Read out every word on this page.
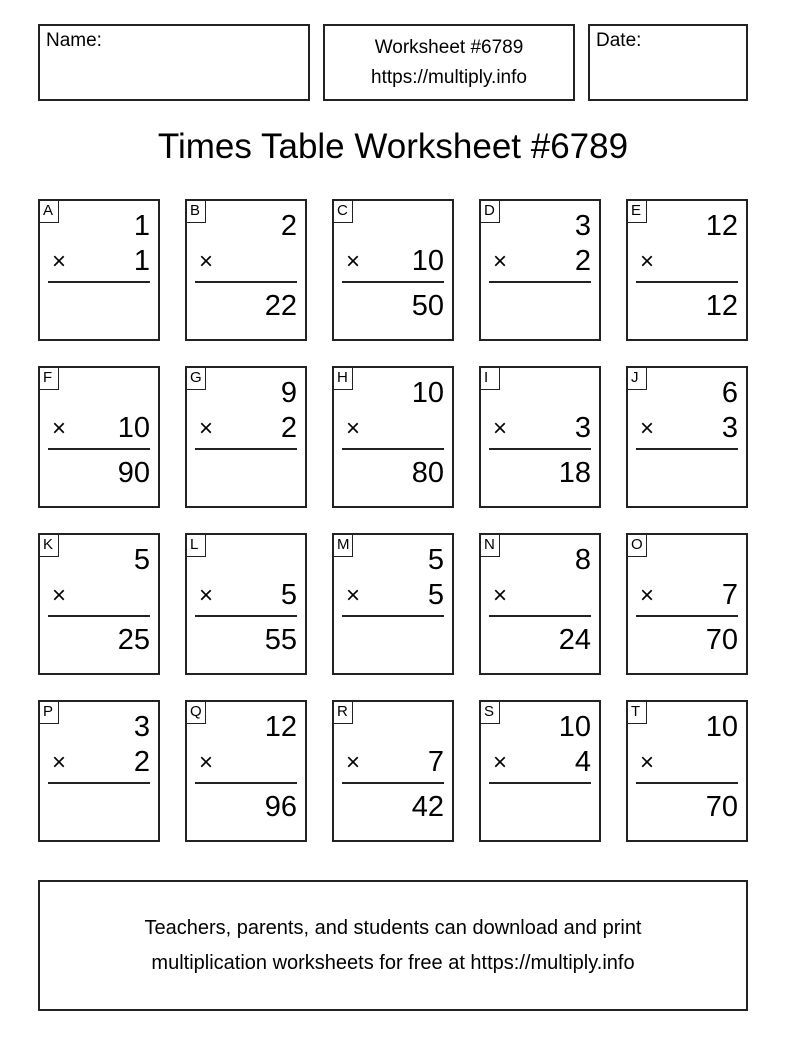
Name:	Worksheet #6789
https://multiply.info
Date:
Times Table Worksheet #6789
A	1
× 1
B	2
×
22
C
× 10
50
D	3
× 2
E 12
×
12
F
× 10
90
G	9
× 2
H 10
×
80
I
× 3
18
J	6
× 3
K	5
×
25
L
× 5
55
M	5
× 5
N	8
×
24
O
× 7
70
P	3
× 2
Q 12
×
96
R
× 7
42
S 10
× 4
T 10
×
70
Teachers, parents, and students can download and print
multiplication worksheets for free at https://multiply.info
